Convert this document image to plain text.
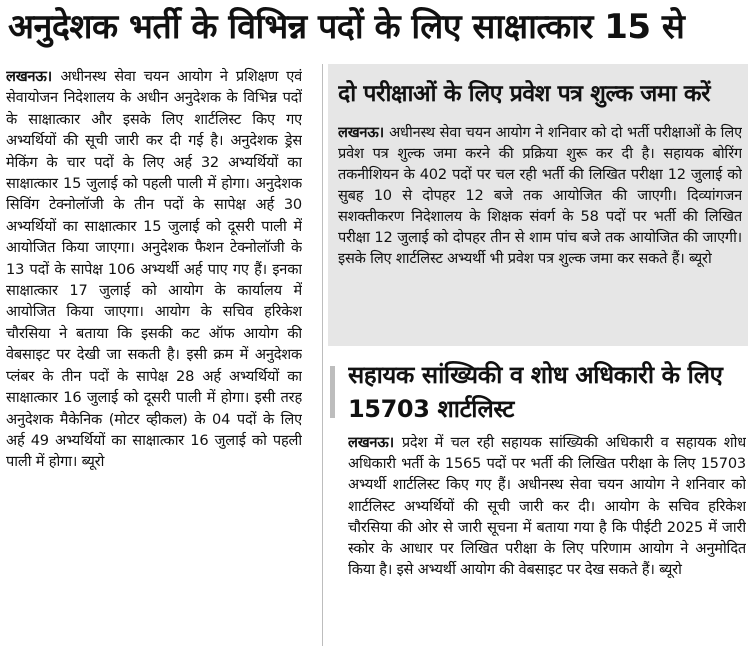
अनुदेशक भर्ती के विभिन्न पदों के लिए साक्षात्कार 15 से

लखनऊ। अधीनस्थ सेवा चयन आयोग ने प्रशिक्षण एवं सेवायोजन निदेशालय के अधीन अनुदेशक के विभिन्न पदों के साक्षात्कार और इसके लिए शार्टलिस्ट किए गए अभ्यर्थियों की सूची जारी कर दी गई है। अनुदेशक ड्रेस मेकिंग के चार पदों के लिए अर्ह 32 अभ्यर्थियों का साक्षात्कार 15 जुलाई को पहली पाली में होगा। अनुदेशक सिविंग टेक्नोलॉजी के तीन पदों के सापेक्ष अर्ह 30 अभ्यर्थियों का साक्षात्कार 15 जुलाई को दूसरी पाली में आयोजित किया जाएगा। अनुदेशक फैशन टेक्नोलॉजी के 13 पदों के सापेक्ष 106 अभ्यर्थी अर्ह पाए गए हैं। इनका साक्षात्कार 17 जुलाई को आयोग के कार्यालय में आयोजित किया जाएगा। आयोग के सचिव हरिकेश चौरसिया ने बताया कि इसकी कट ऑफ आयोग की वेबसाइट पर देखी जा सकती है। इसी क्रम में अनुदेशक प्लंबर के तीन पदों के सापेक्ष 28 अर्ह अभ्यर्थियों का साक्षात्कार 16 जुलाई को दूसरी पाली में होगा। इसी तरह अनुदेशक मैकेनिक (मोटर व्हीकल) के 04 पदों के लिए अर्ह 49 अभ्यर्थियों का साक्षात्कार 16 जुलाई को पहली पाली में होगा। ब्यूरो

दो परीक्षाओं के लिए प्रवेश पत्र शुल्क जमा करें

लखनऊ। अधीनस्थ सेवा चयन आयोग ने शनिवार को दो भर्ती परीक्षाओं के लिए प्रवेश पत्र शुल्क जमा करने की प्रक्रिया शुरू कर दी है। सहायक बोरिंग तकनीशियन के 402 पदों पर चल रही भर्ती की लिखित परीक्षा 12 जुलाई को सुबह 10 से दोपहर 12 बजे तक आयोजित की जाएगी। दिव्यांगजन सशक्तीकरण निदेशालय के शिक्षक संवर्ग के 58 पदों पर भर्ती की लिखित परीक्षा 12 जुलाई को दोपहर तीन से शाम पांच बजे तक आयोजित की जाएगी। इसके लिए शार्टलिस्ट अभ्यर्थी भी प्रवेश पत्र शुल्क जमा कर सकते हैं। ब्यूरो

सहायक सांख्यिकी व शोध अधिकारी के लिए 15703 शार्टलिस्ट

लखनऊ। प्रदेश में चल रही सहायक सांख्यिकी अधिकारी व सहायक शोध अधिकारी भर्ती के 1565 पदों पर भर्ती की लिखित परीक्षा के लिए 15703 अभ्यर्थी शार्टलिस्ट किए गए हैं। अधीनस्थ सेवा चयन आयोग ने शनिवार को शार्टलिस्ट अभ्यर्थियों की सूची जारी कर दी। आयोग के सचिव हरिकेश चौरसिया की ओर से जारी सूचना में बताया गया है कि पीईटी 2025 में जारी स्कोर के आधार पर लिखित परीक्षा के लिए परिणाम आयोग ने अनुमोदित किया है। इसे अभ्यर्थी आयोग की वेबसाइट पर देख सकते हैं। ब्यूरो
